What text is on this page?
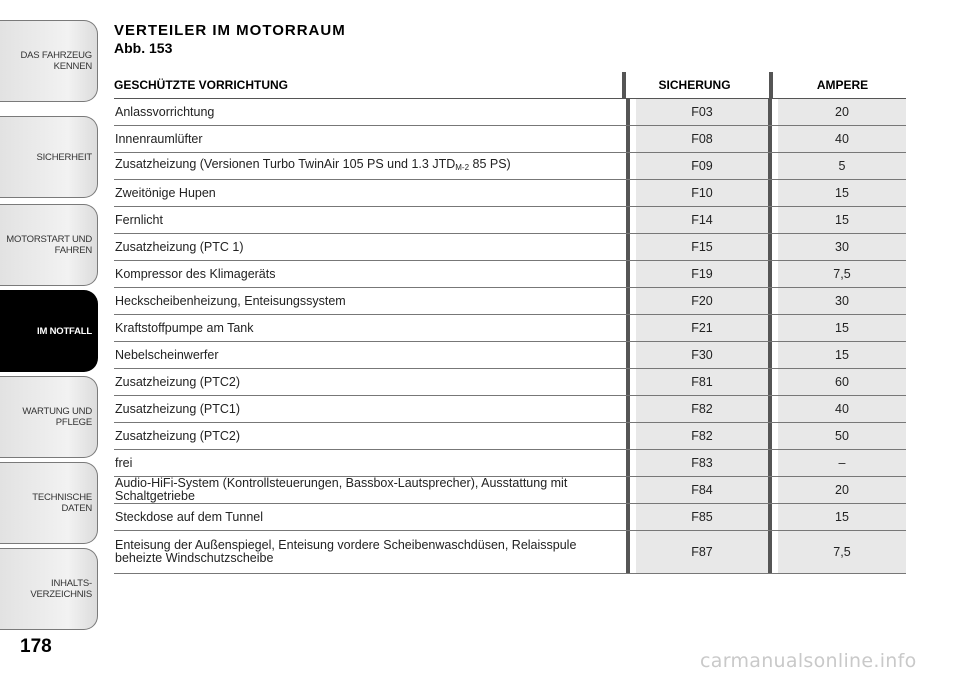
DAS FAHRZEUG
KENNEN
SICHERHEIT
MOTORSTART UND
FAHREN
IM NOTFALL
WARTUNG UND
PFLEGE
TECHNISCHE DATEN
INHALTS-
VERZEICHNIS
178
VERTEILER IM MOTORRAUM
Abb. 153
GESCHÜTZTE VORRICHTUNG	SICHERUNG	AMPERE
Anlassvorrichtung	F03	20
Innenraumlüfter	F08	40
Zusatzheizung (Versionen Turbo TwinAir 105 PS und 1.3 $JTD_{M-2}$ 85 PS)	F09	5
Zweitönige Hupen	F10	15
Fernlicht	F14	15
Zusatzheizung (PTC 1)	F15	30
Kompressor des Klimageräts	F19	7,5
Heckscheibenheizung, Enteisungssystem	F20	30
Kraftstoffpumpe am Tank	F21	15
Nebelscheinwerfer	F30	15
Zusatzheizung (PTC2)	F81	60
Zusatzheizung (PTC1)	F82	40
Zusatzheizung (PTC2)	F82	50
frei	F83	–
Audio-HiFi-System (Kontrollsteuerungen, Bassbox-Lautsprecher), Ausstattung mit Schaltgetriebe	F84	20
Steckdose auf dem Tunnel	F85	15
Enteisung der Außenspiegel, Enteisung vordere Scheibenwaschdüsen, Relaisspule beheizte Windschutzscheibe	F87	7,5
carmanualsonline.info
